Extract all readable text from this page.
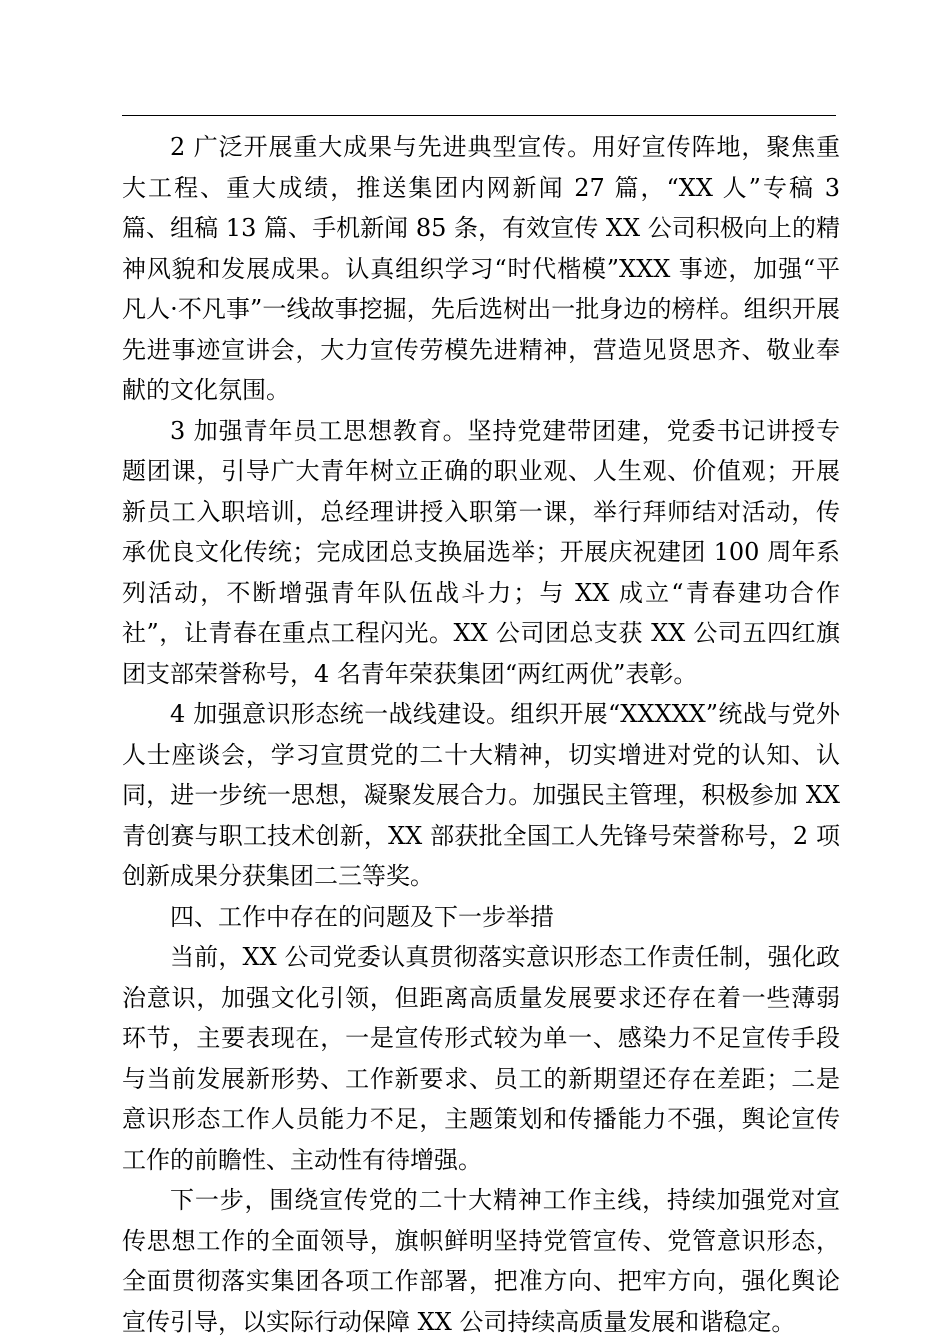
2 广泛开展重大成果与先进典型宣传。用好宣传阵地，聚焦重大工程、重大成绩，推送集团内网新闻 27 篇，“XX 人”专稿 3 篇、组稿 13 篇、手机新闻 85 条，有效宣传 XX 公司积极向上的精神风貌和发展成果。认真组织学习“时代楷模”XXX 事迹，加强“平凡人·不凡事”一线故事挖掘，先后选树出一批身边的榜样。组织开展先进事迹宣讲会，大力宣传劳模先进精神，营造见贤思齐、敬业奉献的文化氛围。

3 加强青年员工思想教育。坚持党建带团建，党委书记讲授专题团课，引导广大青年树立正确的职业观、人生观、价值观；开展新员工入职培训，总经理讲授入职第一课，举行拜师结对活动，传承优良文化传统；完成团总支换届选举；开展庆祝建团 100 周年系列活动，不断增强青年队伍战斗力；与 XX 成立“青春建功合作社”，让青春在重点工程闪光。XX 公司团总支获 XX 公司五四红旗团支部荣誉称号，4 名青年荣获集团“两红两优”表彰。

4 加强意识形态统一战线建设。组织开展“XXXXX”统战与党外人士座谈会，学习宣贯党的二十大精神，切实增进对党的认知、认同，进一步统一思想，凝聚发展合力。加强民主管理，积极参加 XX 青创赛与职工技术创新，XX 部获批全国工人先锋号荣誉称号，2 项创新成果分获集团二三等奖。

四、工作中存在的问题及下一步举措

当前，XX 公司党委认真贯彻落实意识形态工作责任制，强化政治意识，加强文化引领，但距离高质量发展要求还存在着一些薄弱环节，主要表现在，一是宣传形式较为单一、感染力不足宣传手段与当前发展新形势、工作新要求、员工的新期望还存在差距；二是意识形态工作人员能力不足，主题策划和传播能力不强，舆论宣传工作的前瞻性、主动性有待增强。

下一步，围绕宣传党的二十大精神工作主线，持续加强党对宣传思想工作的全面领导，旗帜鲜明坚持党管宣传、党管意识形态，全面贯彻落实集团各项工作部署，把准方向、把牢方向，强化舆论宣传引导，以实际行动保障 XX 公司持续高质量发展和谐稳定。
